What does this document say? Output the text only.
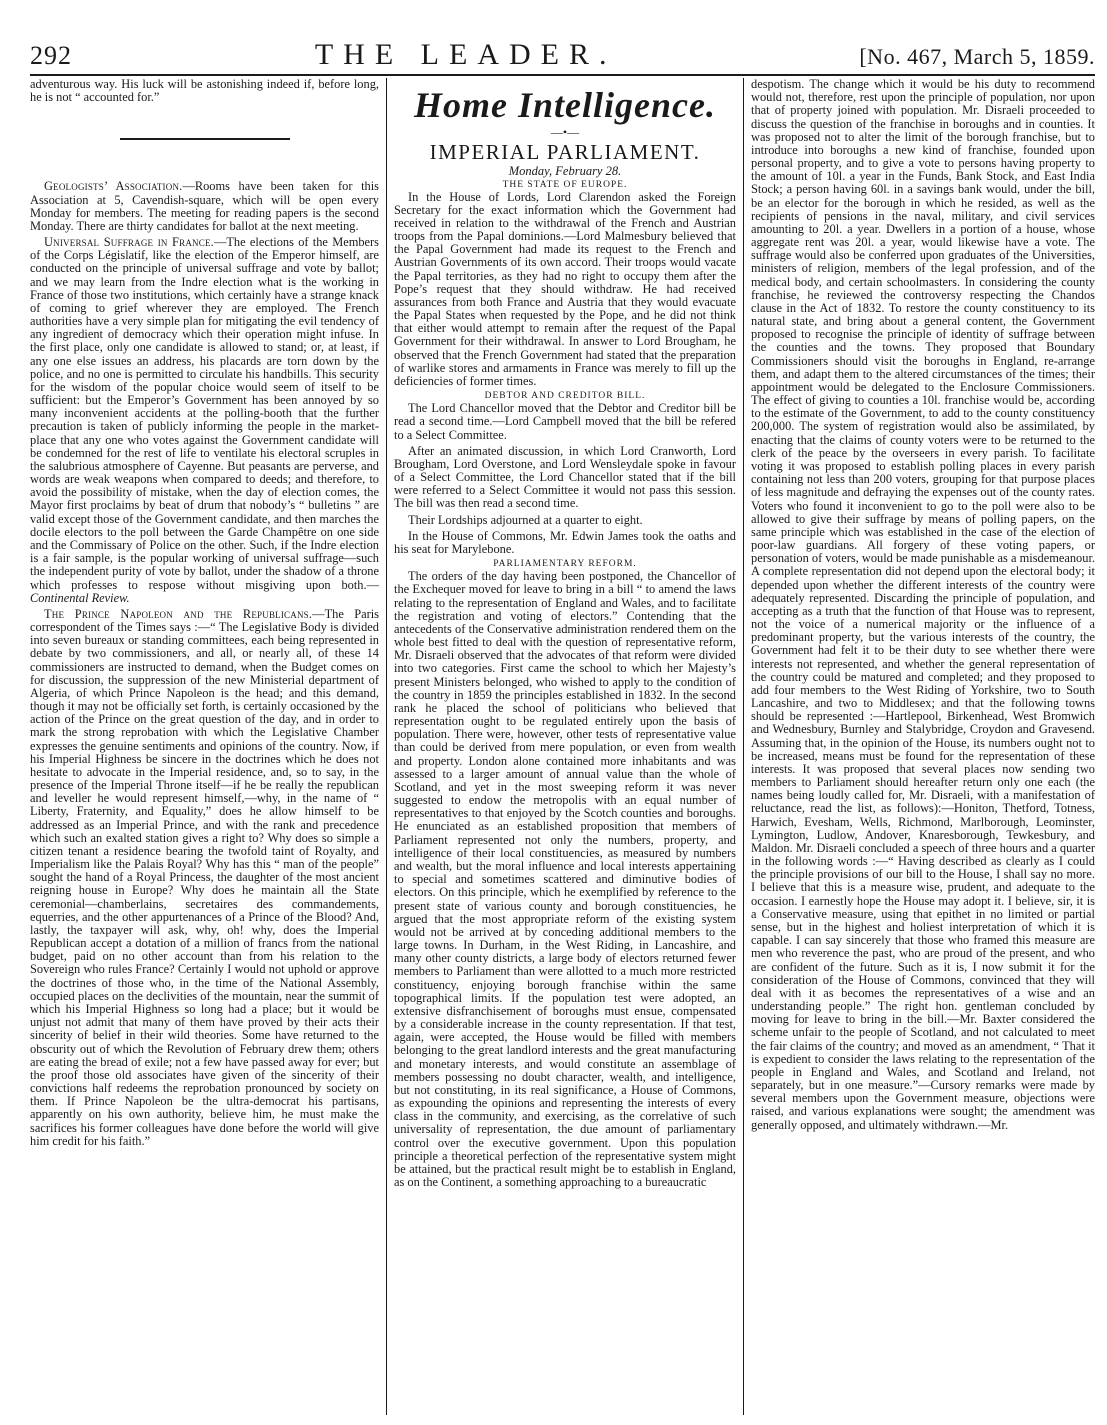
292	THE LEADER.	[No. 467, March 5, 1859.

adventurous way. His luck will be astonishing indeed if, before long, he is not “ accounted for.”

Geologists’ Association.—Rooms have been taken for this Association at 5, Cavendish-square, which will be open every Monday for members. The meeting for reading papers is the second Monday. There are thirty candidates for ballot at the next meeting.

Universal Suffrage in France.—The elections of the Members of the Corps Législatif, like the election of the Emperor himself, are conducted on the principle of universal suffrage and vote by ballot; and we may learn from the Indre election what is the working in France of those two institutions, which certainly have a strange knack of coming to grief wherever they are employed. The French authorities have a very simple plan for mitigating the evil tendency of any ingredient of democracy which their operation might infuse. In the first place, only one candidate is allowed to stand; or, at least, if any one else issues an address, his placards are torn down by the police, and no one is permitted to circulate his handbills. This security for the wisdom of the popular choice would seem of itself to be sufficient: but the Emperor’s Government has been annoyed by so many inconvenient accidents at the polling-booth that the further precaution is taken of publicly informing the people in the market-place that any one who votes against the Government candidate will be condemned for the rest of life to ventilate his electoral scruples in the salubrious atmosphere of Cayenne. But peasants are perverse, and words are weak weapons when compared to deeds; and therefore, to avoid the possibility of mistake, when the day of election comes, the Mayor first proclaims by beat of drum that nobody’s “ bulletins ” are valid except those of the Government candidate, and then marches the docile electors to the poll between the Garde Champêtre on one side and the Commissary of Police on the other. Such, if the Indre election is a fair sample, is the popular working of universal suffrage—such the independent purity of vote by ballot, under the shadow of a throne which professes to respose without misgiving upon both.—Continental Review.

The Prince Napoleon and the Republicans.—The Paris correspondent of the Times says :—“ The Legislative Body is divided into seven bureaux or standing committees, each being represented in debate by two commissioners, and all, or nearly all, of these 14 commissioners are instructed to demand, when the Budget comes on for discussion, the suppression of the new Ministerial department of Algeria, of which Prince Napoleon is the head; and this demand, though it may not be officially set forth, is certainly occasioned by the action of the Prince on the great question of the day, and in order to mark the strong reprobation with which the Legislative Chamber expresses the genuine sentiments and opinions of the country. Now, if his Imperial Highness be sincere in the doctrines which he does not hesitate to advocate in the Imperial residence, and, so to say, in the presence of the Imperial Throne itself—if he be really the republican and leveller he would represent himself,—why, in the name of “ Liberty, Fraternity, and Equality,” does he allow himself to be addressed as an Imperial Prince, and with the rank and precedence which such an exalted station gives a right to? Why does so simple a citizen tenant a residence bearing the twofold taint of Royalty, and Imperialism like the Palais Royal? Why has this “ man of the people” sought the hand of a Royal Princess, the daughter of the most ancient reigning house in Europe? Why does he maintain all the State ceremonial—chamberlains, secretaires des commandements, equerries, and the other appurtenances of a Prince of the Blood? And, lastly, the taxpayer will ask, why, oh! why, does the Imperial Republican accept a dotation of a million of francs from the national budget, paid on no other account than from his relation to the Sovereign who rules France? Certainly I would not uphold or approve the doctrines of those who, in the time of the National Assembly, occupied places on the declivities of the mountain, near the summit of which his Imperial Highness so long had a place; but it would be unjust not admit that many of them have proved by their acts their sincerity of belief in their wild theories. Some have returned to the obscurity out of which the Revolution of February drew them; others are eating the bread of exile; not a few have passed away for ever; but the proof those old associates have given of the sincerity of their convictions half redeems the reprobation pronounced by society on them. If Prince Napoleon be the ultra-democrat his partisans, apparently on his own authority, believe him, he must make the sacrifices his former colleagues have done before the world will give him credit for his faith.”

Home Intelligence.
—•—
IMPERIAL PARLIAMENT.
Monday, February 28.
THE STATE OF EUROPE.

In the House of Lords, Lord Clarendon asked the Foreign Secretary for the exact information which the Government had received in relation to the withdrawal of the French and Austrian troops from the Papal dominions.—Lord Malmesbury believed that the Papal Government had made its request to the French and Austrian Governments of its own accord. Their troops would vacate the Papal territories, as they had no right to occupy them after the Pope’s request that they should withdraw. He had received assurances from both France and Austria that they would evacuate the Papal States when requested by the Pope, and he did not think that either would attempt to remain after the request of the Papal Government for their withdrawal. In answer to Lord Brougham, he observed that the French Government had stated that the preparation of warlike stores and armaments in France was merely to fill up the deficiencies of former times.

DEBTOR AND CREDITOR BILL.

The Lord Chancellor moved that the Debtor and Creditor bill be read a second time.—Lord Campbell moved that the bill be refered to a Select Committee.

After an animated discussion, in which Lord Cranworth, Lord Brougham, Lord Overstone, and Lord Wensleydale spoke in favour of a Select Committee, the Lord Chancellor stated that if the bill were referred to a Select Committee it would not pass this session. The bill was then read a second time.

Their Lordships adjourned at a quarter to eight.

In the House of Commons, Mr. Edwin James took the oaths and his seat for Marylebone.

PARLIAMENTARY REFORM.

The orders of the day having been postponed, the Chancellor of the Exchequer moved for leave to bring in a bill “ to amend the laws relating to the representation of England and Wales, and to facilitate the registration and voting of electors.” Contending that the antecedents of the Conservative administration rendered them on the whole best fitted to deal with the question of representative reform, Mr. Disraeli observed that the advocates of that reform were divided into two categories. First came the school to which her Majesty’s present Ministers belonged, who wished to apply to the condition of the country in 1859 the principles established in 1832. In the second rank he placed the school of politicians who believed that representation ought to be regulated entirely upon the basis of population. There were, however, other tests of representative value than could be derived from mere population, or even from wealth and property. London alone contained more inhabitants and was assessed to a larger amount of annual value than the whole of Scotland, and yet in the most sweeping reform it was never suggested to endow the metropolis with an equal number of representatives to that enjoyed by the Scotch counties and boroughs. He enunciated as an established proposition that members of Parliament represented not only the numbers, property, and intelligence of their local constituencies, as measured by numbers and wealth, but the moral influence and local interests appertaining to special and sometimes scattered and diminutive bodies of electors. On this principle, which he exemplified by reference to the present state of various county and borough constituencies, he argued that the most appropriate reform of the existing system would not be arrived at by conceding additional members to the large towns. In Durham, in the West Riding, in Lancashire, and many other county districts, a large body of electors returned fewer members to Parliament than were allotted to a much more restricted constituency, enjoying borough franchise within the same topographical limits. If the population test were adopted, an extensive disfranchisement of boroughs must ensue, compensated by a considerable increase in the county representation. If that test, again, were accepted, the House would be filled with members belonging to the great landlord interests and the great manufacturing and monetary interests, and would constitute an assemblage of members possessing no doubt character, wealth, and intelligence, but not constituting, in its real significance, a House of Commons, as expounding the opinions and representing the interests of every class in the community, and exercising, as the correlative of such universality of representation, the due amount of parliamentary control over the executive government. Upon this population principle a theoretical perfection of the representative system might be attained, but the practical result might be to establish in England, as on the Continent, a something approaching to a bureaucratic

despotism. The change which it would be his duty to recommend would not, therefore, rest upon the principle of population, nor upon that of property joined with population. Mr. Disraeli proceeded to discuss the question of the franchise in boroughs and in counties. It was proposed not to alter the limit of the borough franchise, but to introduce into boroughs a new kind of franchise, founded upon personal property, and to give a vote to persons having property to the amount of 10l. a year in the Funds, Bank Stock, and East India Stock; a person having 60l. in a savings bank would, under the bill, be an elector for the borough in which he resided, as well as the recipients of pensions in the naval, military, and civil services amounting to 20l. a year. Dwellers in a portion of a house, whose aggregate rent was 20l. a year, would likewise have a vote. The suffrage would also be conferred upon graduates of the Universities, ministers of religion, members of the legal profession, and of the medical body, and certain schoolmasters. In considering the county franchise, he reviewed the controversy respecting the Chandos clause in the Act of 1832. To restore the county constituency to its natural state, and bring about a general content, the Government proposed to recognise the principle of identity of suffrage between the counties and the towns. They proposed that Boundary Commissioners should visit the boroughs in England, re-arrange them, and adapt them to the altered circumstances of the times; their appointment would be delegated to the Enclosure Commissioners. The effect of giving to counties a 10l. franchise would be, according to the estimate of the Government, to add to the county constituency 200,000. The system of registration would also be assimilated, by enacting that the claims of county voters were to be returned to the clerk of the peace by the overseers in every parish. To facilitate voting it was proposed to establish polling places in every parish containing not less than 200 voters, grouping for that purpose places of less magnitude and defraying the expenses out of the county rates. Voters who found it inconvenient to go to the poll were also to be allowed to give their suffrage by means of polling papers, on the same principle which was established in the case of the election of poor-law guardians. All forgery of these voting papers, or personation of voters, would be made punishable as a misdemeanour. A complete representation did not depend upon the electoral body; it depended upon whether the different interests of the country were adequately represented. Discarding the principle of population, and accepting as a truth that the function of that House was to represent, not the voice of a numerical majority or the influence of a predominant property, but the various interests of the country, the Government had felt it to be their duty to see whether there were interests not represented, and whether the general representation of the country could be matured and completed; and they proposed to add four members to the West Riding of Yorkshire, two to South Lancashire, and two to Middlesex; and that the following towns should be represented :—Hartlepool, Birkenhead, West Bromwich and Wednesbury, Burnley and Stalybridge, Croydon and Gravesend. Assuming that, in the opinion of the House, its numbers ought not to be increased, means must be found for the representation of these interests. It was proposed that several places now sending two members to Parliament should hereafter return only one each (the names being loudly called for, Mr. Disraeli, with a manifestation of reluctance, read the list, as follows):—Honiton, Thetford, Totness, Harwich, Evesham, Wells, Richmond, Marlborough, Leominster, Lymington, Ludlow, Andover, Knaresborough, Tewkesbury, and Maldon. Mr. Disraeli concluded a speech of three hours and a quarter in the following words :—“ Having described as clearly as I could the principle provisions of our bill to the House, I shall say no more. I believe that this is a measure wise, prudent, and adequate to the occasion. I earnestly hope the House may adopt it. I believe, sir, it is a Conservative measure, using that epithet in no limited or partial sense, but in the highest and holiest interpretation of which it is capable. I can say sincerely that those who framed this measure are men who reverence the past, who are proud of the present, and who are confident of the future. Such as it is, I now submit it for the consideration of the House of Commons, convinced that they will deal with it as becomes the representatives of a wise and an understanding people.” The right hon. gentleman concluded by moving for leave to bring in the bill.—Mr. Baxter considered the scheme unfair to the people of Scotland, and not calculated to meet the fair claims of the country; and moved as an amendment, “ That it is expedient to consider the laws relating to the representation of the people in England and Wales, and Scotland and Ireland, not separately, but in one measure.”—Cursory remarks were made by several members upon the Government measure, objections were raised, and various explanations were sought; the amendment was generally opposed, and ultimately withdrawn.—Mr.
